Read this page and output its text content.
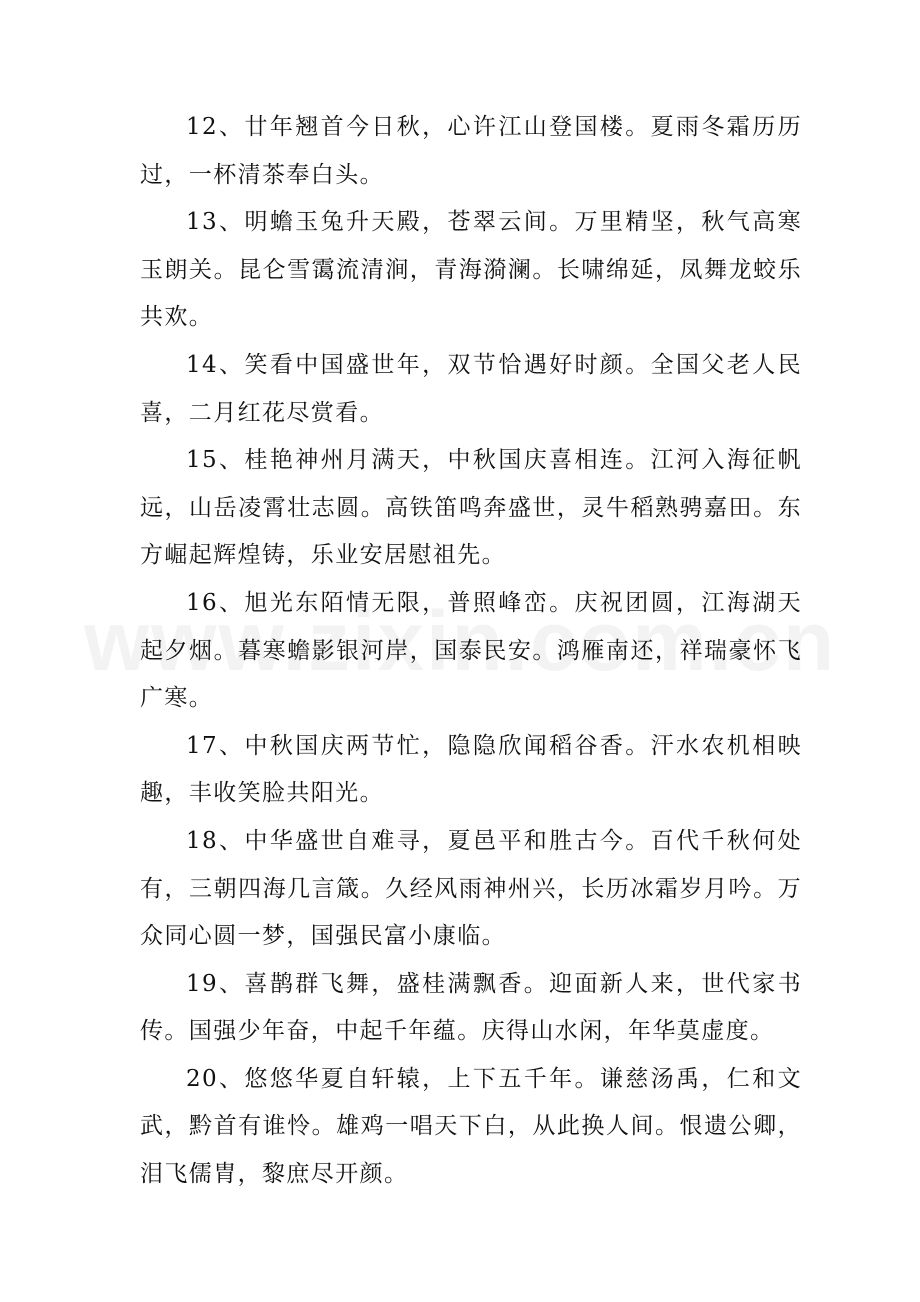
12、廿年翘首今日秋，心许江山登国楼。夏雨冬霜历历过，一杯清茶奉白头。

13、明蟾玉兔升天殿，苍翠云间。万里精坚，秋气高寒玉朗关。昆仑雪霭流清涧，青海漪澜。长啸绵延，凤舞龙蛟乐共欢。

14、笑看中国盛世年，双节恰遇好时颜。全国父老人民喜，二月红花尽赏看。

15、桂艳神州月满天，中秋国庆喜相连。江河入海征帆远，山岳凌霄壮志圆。高铁笛鸣奔盛世，灵牛稻熟骋嘉田。东方崛起辉煌铸，乐业安居慰祖先。

16、旭光东陌情无限，普照峰峦。庆祝团圆，江海湖天起夕烟。暮寒蟾影银河岸，国泰民安。鸿雁南还，祥瑞豪怀飞广寒。

17、中秋国庆两节忙，隐隐欣闻稻谷香。汗水农机相映趣，丰收笑脸共阳光。

18、中华盛世自难寻，夏邑平和胜古今。百代千秋何处有，三朝四海几言箴。久经风雨神州兴，长历冰霜岁月吟。万众同心圆一梦，国强民富小康临。

19、喜鹊群飞舞，盛桂满飘香。迎面新人来，世代家书传。国强少年奋，中起千年蕴。庆得山水闲，年华莫虚度。

20、悠悠华夏自轩辕，上下五千年。谦慈汤禹，仁和文武，黔首有谁怜。雄鸡一唱天下白，从此换人间。恨遗公卿，泪飞儒胄，黎庶尽开颜。
